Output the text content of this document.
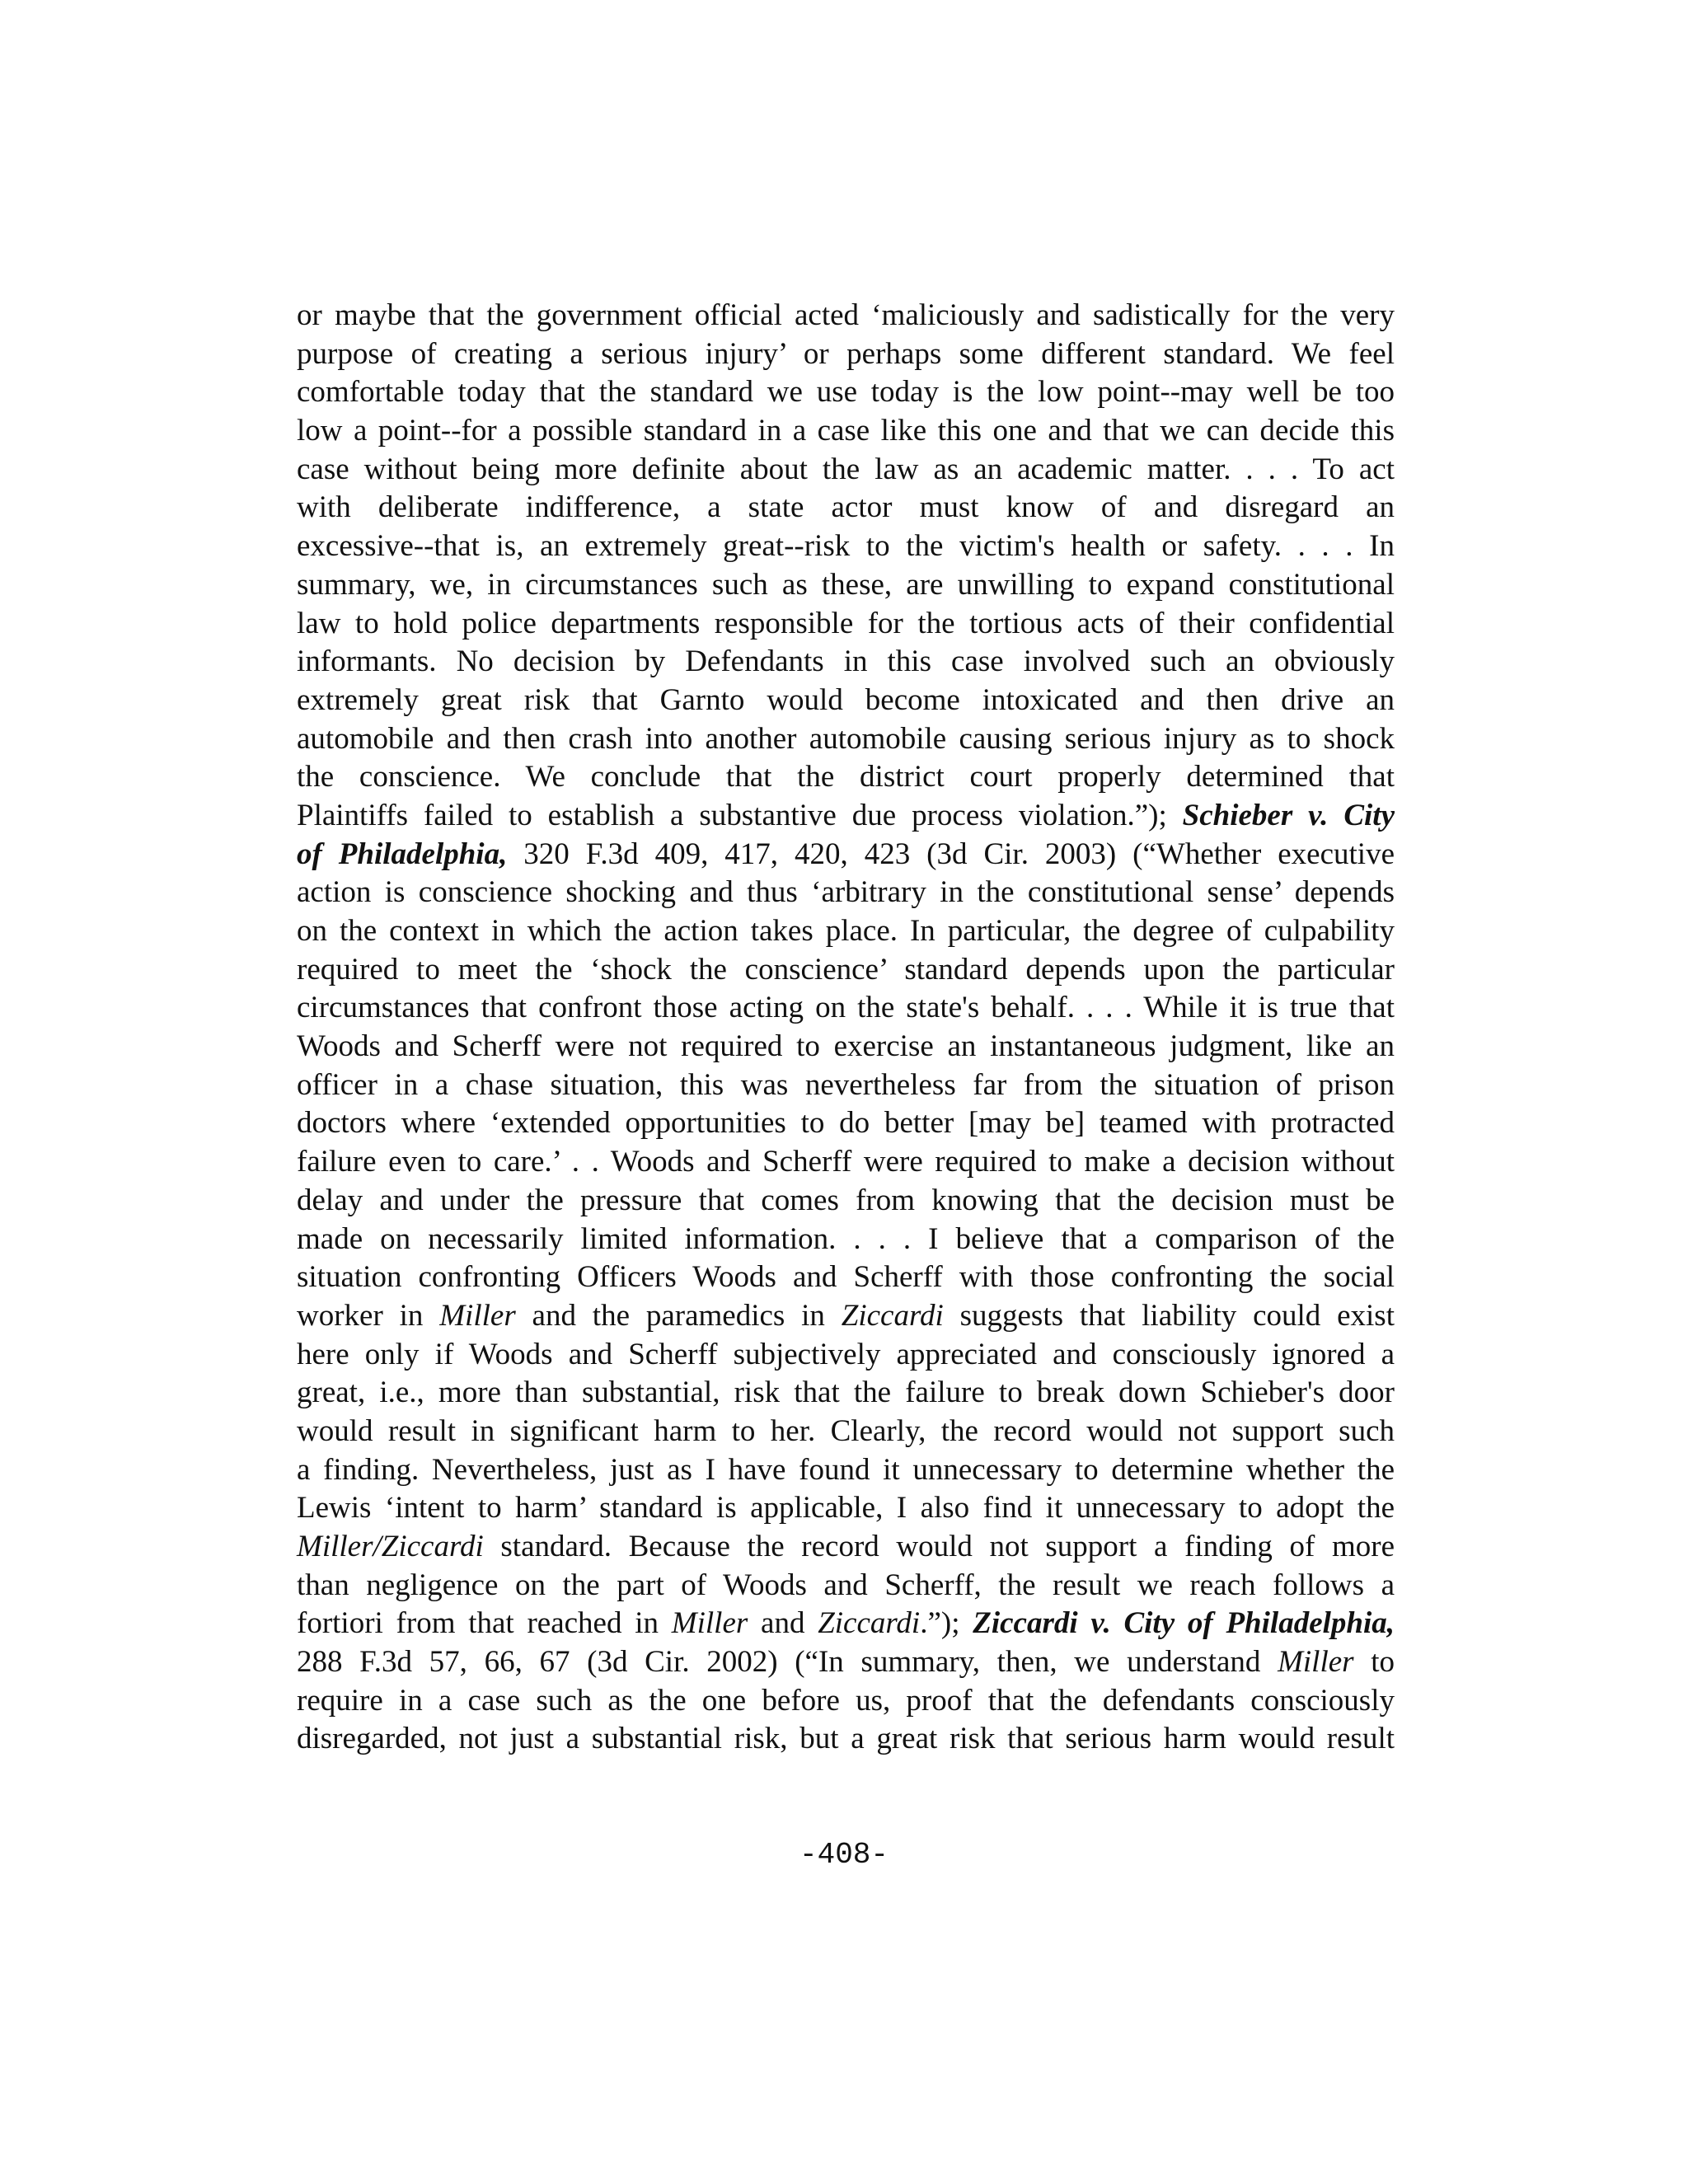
or maybe that the government official acted ‘maliciously and sadistically for the very
purpose of creating a serious injury’ or perhaps some different standard. We feel
comfortable today that the standard we use today is the low point--may well be too
low a point--for a possible standard in a case like this one and that we can decide this
case without being more definite about the law as an academic matter. . . . To act
with deliberate indifference, a state actor must know of and disregard an
excessive--that is, an extremely great--risk to the victim's health or safety. . . . In
summary, we, in circumstances such as these, are unwilling to expand constitutional
law to hold police departments responsible for the tortious acts of their confidential
informants. No decision by Defendants in this case involved such an obviously
extremely great risk that Garnto would become intoxicated and then drive an
automobile and then crash into another automobile causing serious injury as to shock
the conscience. We conclude that the district court properly determined that
Plaintiffs failed to establish a substantive due process violation.”); Schieber v. City
of Philadelphia, 320 F.3d 409, 417, 420, 423 (3d Cir. 2003) (“Whether executive
action is conscience shocking and thus ‘arbitrary in the constitutional sense’ depends
on the context in which the action takes place. In particular, the degree of culpability
required to meet the ‘shock the conscience’ standard depends upon the particular
circumstances that confront those acting on the state's behalf. . . . While it is true that
Woods and Scherff were not required to exercise an instantaneous judgment, like an
officer in a chase situation, this was nevertheless far from the situation of prison
doctors where ‘extended opportunities to do better [may be] teamed with protracted
failure even to care.’ . . Woods and Scherff were required to make a decision without
delay and under the pressure that comes from knowing that the decision must be
made on necessarily limited information. . . . I believe that a comparison of the
situation confronting Officers Woods and Scherff with those confronting the social
worker in Miller and the paramedics in Ziccardi suggests that liability could exist
here only if Woods and Scherff subjectively appreciated and consciously ignored a
great, i.e., more than substantial, risk that the failure to break down Schieber's door
would result in significant harm to her. Clearly, the record would not support such
a finding. Nevertheless, just as I have found it unnecessary to determine whether the
Lewis ‘intent to harm’ standard is applicable, I also find it unnecessary to adopt the
Miller/Ziccardi standard. Because the record would not support a finding of more
than negligence on the part of Woods and Scherff, the result we reach follows a
fortiori from that reached in Miller and Ziccardi.”); Ziccardi v. City of Philadelphia,
288 F.3d 57, 66, 67 (3d Cir. 2002) (“In summary, then, we understand Miller to
require in a case such as the one before us, proof that the defendants consciously
disregarded, not just a substantial risk, but a great risk that serious harm would result
-408-
